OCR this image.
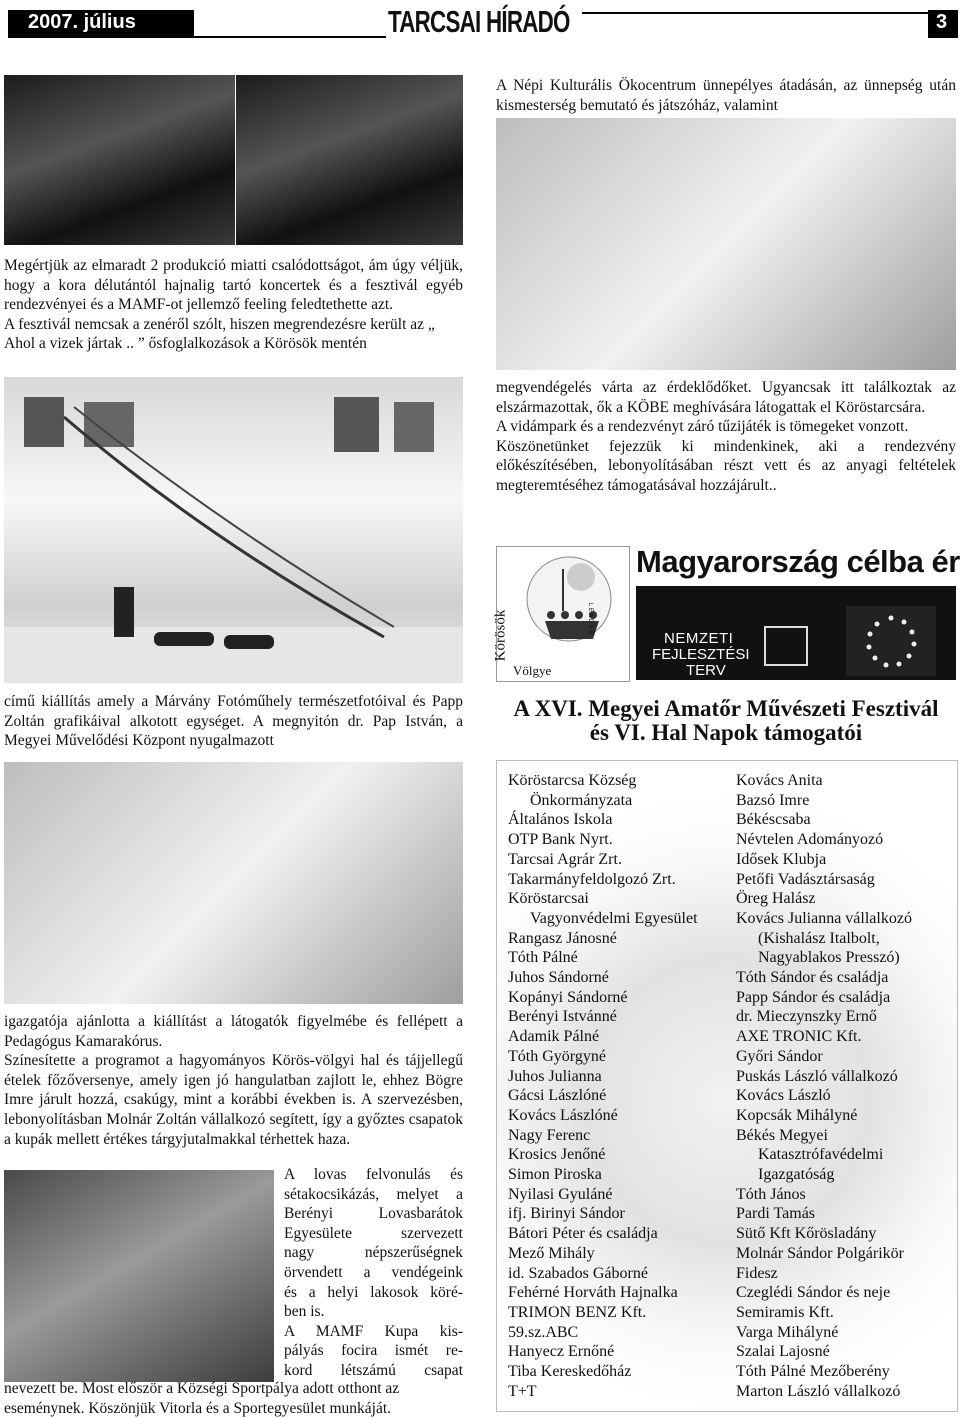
2007. július	TARCSAI HÍRADÓ	3

Megértjük az elmaradt 2 produkció miatti csalódottságot, ám úgy véljük, hogy a kora délutántól hajnalig tartó koncertek és a fesztivál egyéb rendezvényei és a MAMF-ot jellemző feeling feledtethette azt.

A fesztivál nemcsak a zenéről szólt, hiszen megrendezésre került az „ Ahol a vizek jártak .. ” ősfoglalkozások a Körösök mentén

című kiállítás amely a Márvány Fotóműhely természetfotóival és Papp Zoltán grafikáival alkotott egységet. A megnyitón dr. Pap István, a Megyei Művelődési Központ nyugalmazott

igazgatója ajánlotta a kiállítást a látogatók figyelmébe és fellépett a Pedagógus Kamarakórus.

Színesítette a programot a hagyományos Körös-völgyi hal és tájjellegű ételek főzőversenye, amely igen jó hangulatban zajlott le, ehhez Bögre Imre járult hozzá, csakúgy, mint a korábbi években is. A szervezésben, lebonyolításban Molnár Zoltán vállalkozó segített, így a győztes csapatok a kupák mellett értékes tárgyjutalmakkal térhettek haza.

A lovas felvonulás és
sétakocsikázás, melyet a
Berényi Lovasbarátok
Egyesülete szervezett
nagy népszerűségnek
örvendett a vendégeink
és a helyi lakosok köré-
ben is.
A MAMF Kupa kis-
pályás focira ismét re-
kord létszámú csapat

nevezett be. Most először a Községi Sportpálya adott otthont az eseménynek. Köszönjük Vitorla és a Sportegyesület munkáját.

A Népi Kulturális Ökocentrum ünnepélyes átadásán, az ünnepség után kismesterség bemutató és játszóház, valamint

megvendégelés várta az érdeklődőket. Ugyancsak itt találkoztak az elszármazottak, ők a KÖBE meghívására látogattak el Köröstarcsára.

A vidámpark és a rendezvényt záró tűzijáték is tömegeket vonzott.

Köszönetünket fejezzük ki mindenkinek, aki a rendezvény előkészítésében, lebonyolításában részt vett és az anyagi feltételek megteremtéséhez támogatásával hozzájárult..

Körösök
Völgye
L E A D E R
Magyarország célba ér
NEMZETI
FEJLESZTÉSI
TERV
A XVI. Megyei Amatőr Művészeti Fesztivál
és VI. Hal Napok támogatói
Köröstarcsa Község
Önkormányzata
Általános Iskola
OTP Bank Nyrt.
Tarcsai Agrár Zrt.
Takarmányfeldolgozó Zrt.
Köröstarcsai
Vagyonvédelmi Egyesület
Rangasz Jánosné
Tóth Pálné
Juhos Sándorné
Kopányi Sándorné
Berényi Istvánné
Adamik Pálné
Tóth Györgyné
Juhos Julianna
Gácsi Lászlóné
Kovács Lászlóné
Nagy Ferenc
Krosics Jenőné
Simon Piroska
Nyilasi Gyuláné
ifj. Birinyi Sándor
Bátori Péter és családja
Mező Mihály
id. Szabados Gáborné
Fehérné Horváth Hajnalka
TRIMON BENZ Kft.
59.sz.ABC
Hanyecz Ernőné
Tiba Kereskedőház
T+T
Kovács Anita
Bazsó Imre
Békéscsaba
Névtelen Adományozó
Idősek Klubja
Petőfi Vadásztársaság
Öreg Halász
Kovács Julianna vállalkozó
(Kishalász Italbolt,
Nagyablakos Presszó)
Tóth Sándor és családja
Papp Sándor és családja
dr. Mieczynszky Ernő
AXE TRONIC Kft.
Győri Sándor
Puskás László vállalkozó
Kovács László
Kopcsák Mihályné
Békés Megyei
Katasztrófavédelmi
Igazgatóság
Tóth János
Pardi Tamás
Sütő Kft Kőrösladány
Molnár Sándor Polgárikör
Fidesz
Czeglédi Sándor és neje
Semiramis Kft.
Varga Mihályné
Szalai Lajosné
Tóth Pálné Mezőberény
Marton László vállalkozó
